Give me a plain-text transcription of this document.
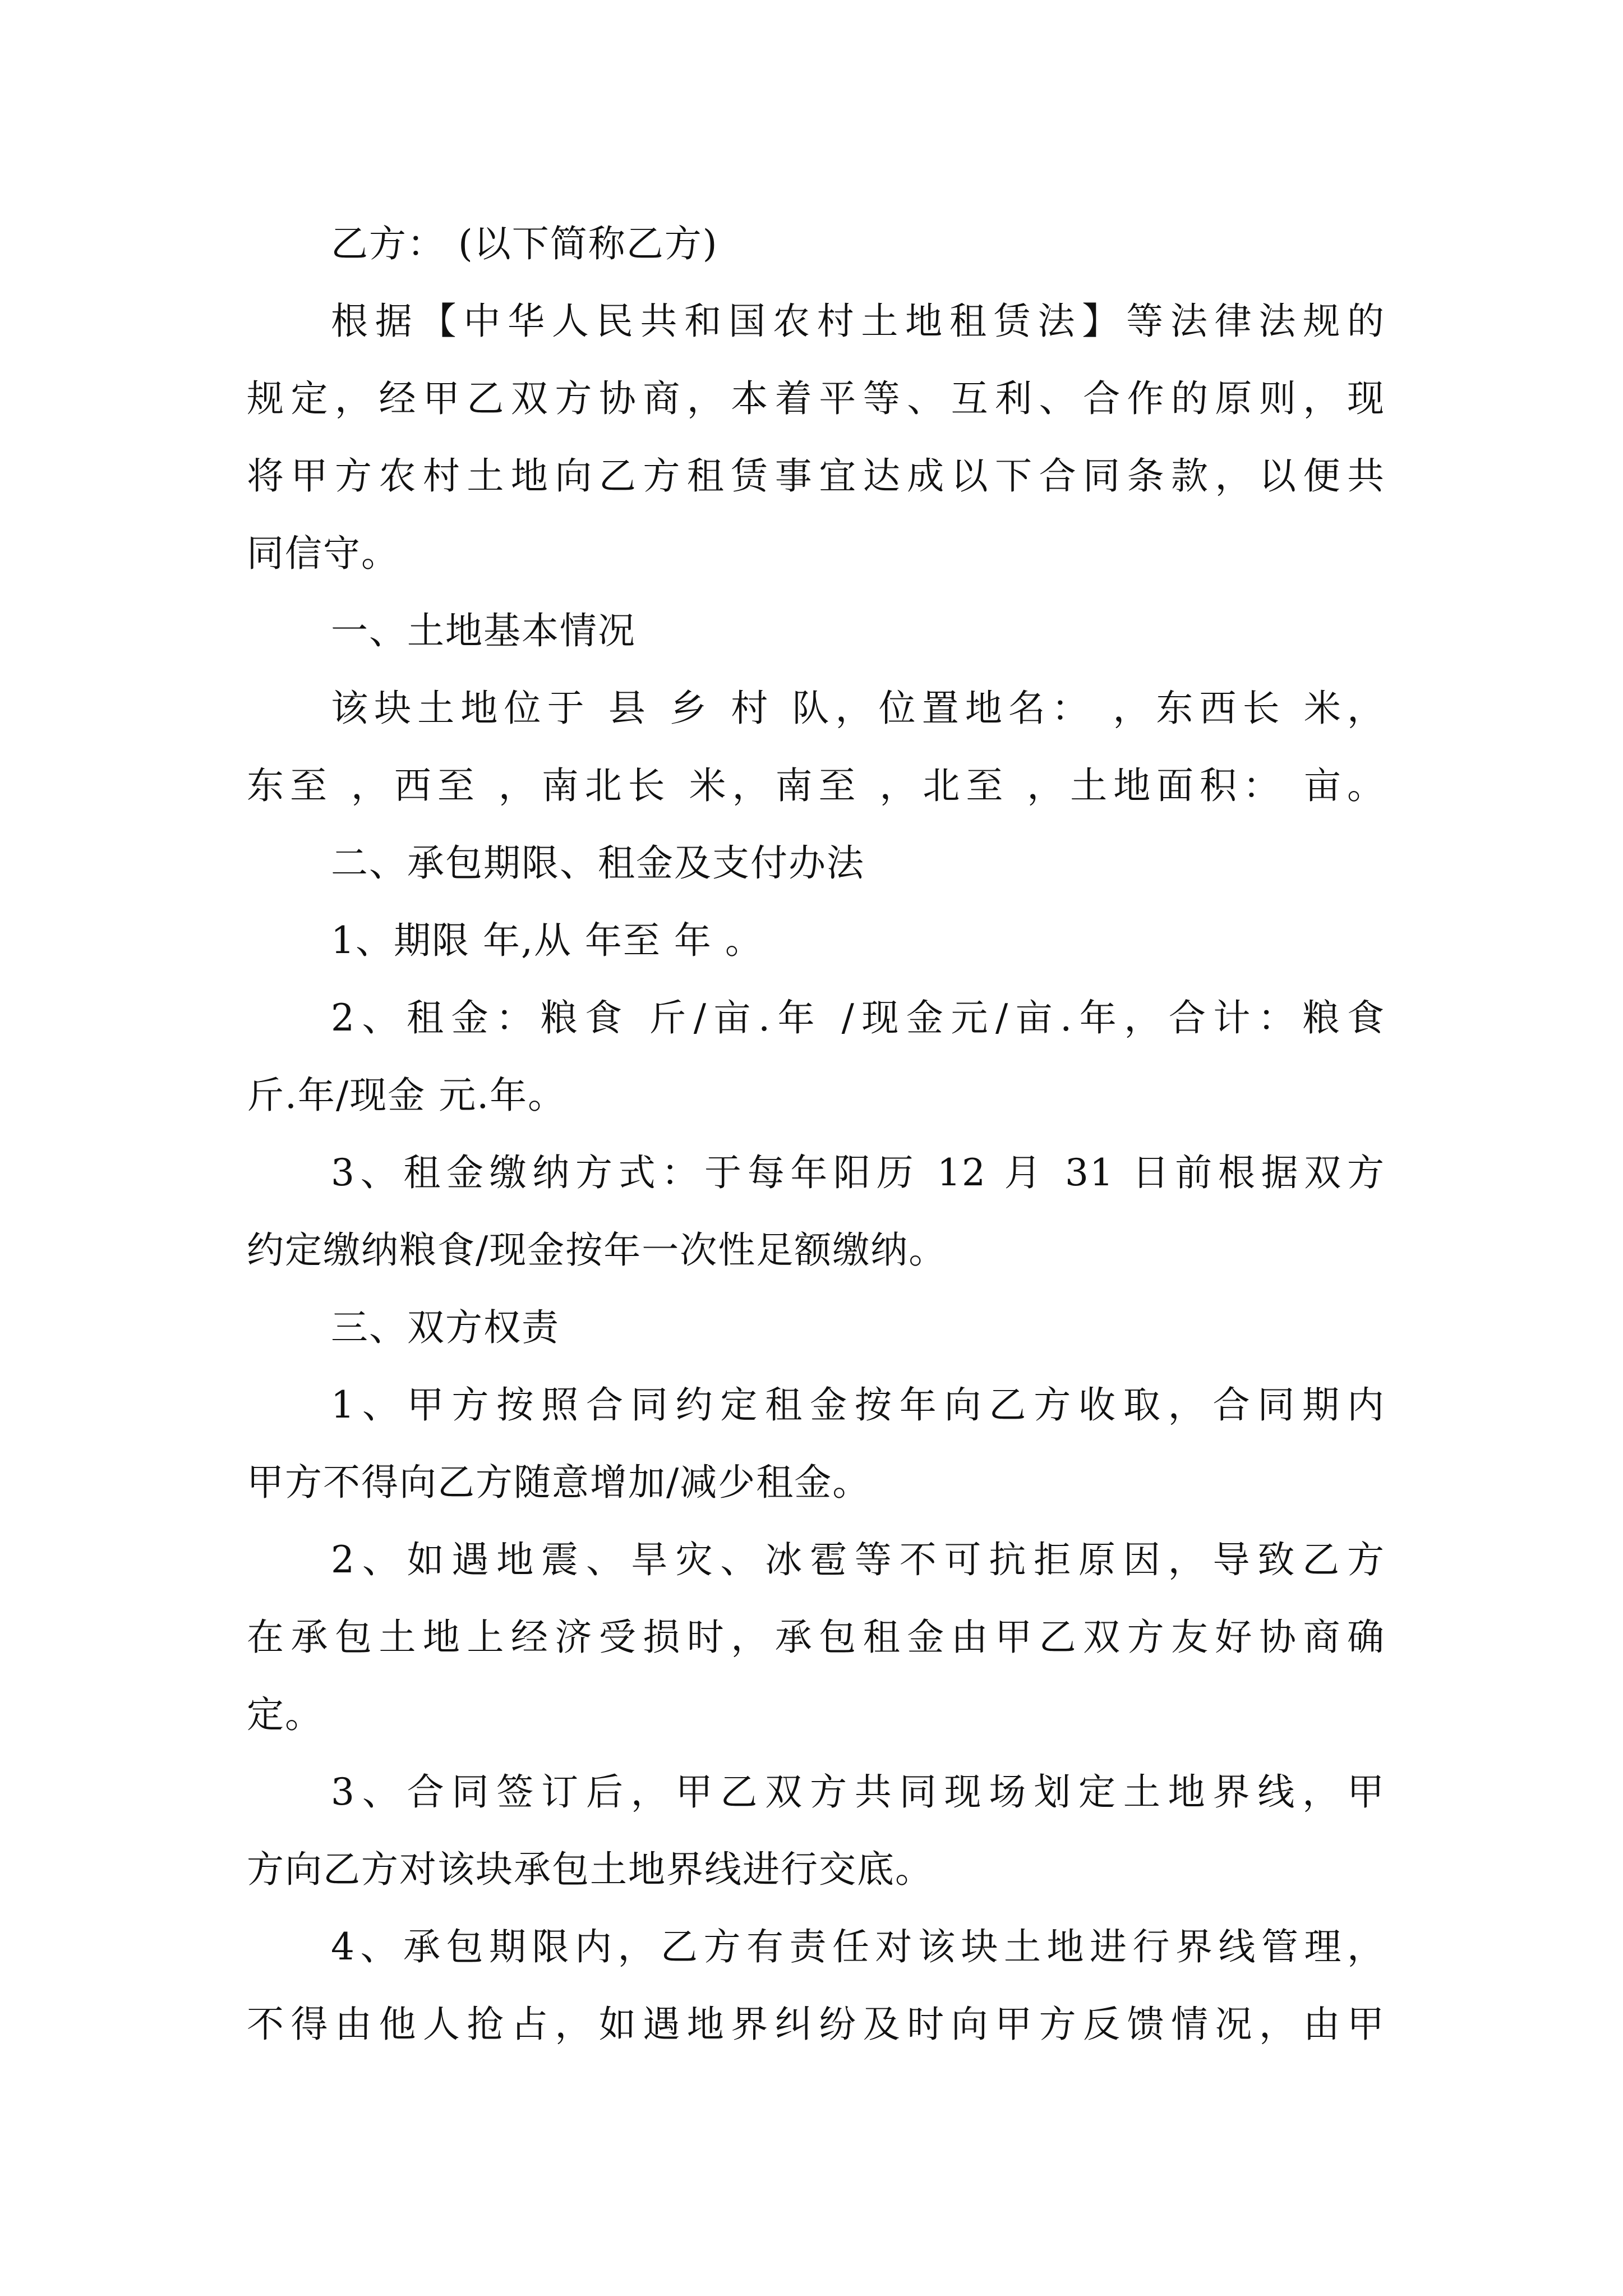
乙方： (以下简称乙方)
根据【中华人民共和国农村土地租赁法】等法律法规的
规定，经甲乙双方协商，本着平等、互利、合作的原则，现
将甲方农村土地向乙方租赁事宜达成以下合同条款，以便共
同信守。
一、土地基本情况
该块土地位于 县 乡 村 队，位置地名： ，东西长 米，
东至 ，西至 ，南北长 米，南至 ，北至 ，土地面积： 亩。
二、承包期限、租金及支付办法
1、期限 年,从 年至 年 。
2、租金：粮食 斤/亩.年 /现金元/亩.年，合计：粮食
斤.年/现金 元.年。
3、租金缴纳方式：于每年阳历 12 月 31 日前根据双方
约定缴纳粮食/现金按年一次性足额缴纳。
三、双方权责
1、甲方按照合同约定租金按年向乙方收取，合同期内
甲方不得向乙方随意增加/减少租金。
2、如遇地震、旱灾、冰雹等不可抗拒原因，导致乙方
在承包土地上经济受损时，承包租金由甲乙双方友好协商确
定。
3、合同签订后，甲乙双方共同现场划定土地界线，甲
方向乙方对该块承包土地界线进行交底。
4、承包期限内，乙方有责任对该块土地进行界线管理，
不得由他人抢占，如遇地界纠纷及时向甲方反馈情况，由甲
